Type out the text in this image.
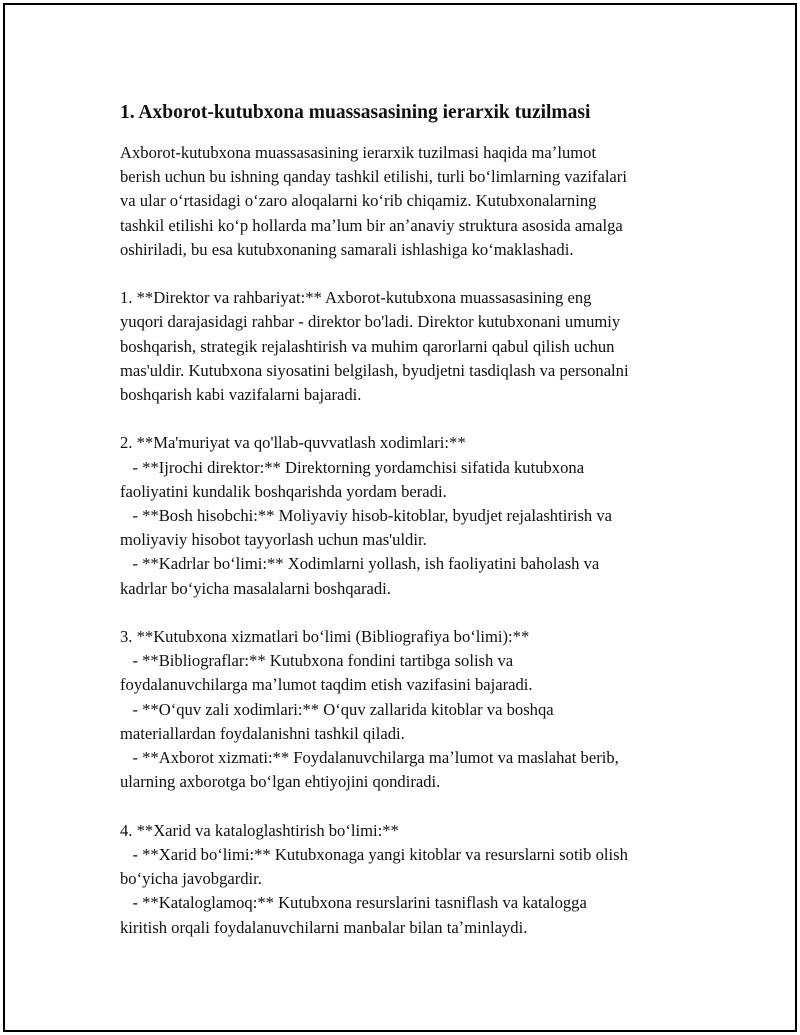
1. Axborot-kutubxona muassasasining ierarxik tuzilmasi

Axborot-kutubxona muassasasining ierarxik tuzilmasi haqida maʼlumot
berish uchun bu ishning qanday tashkil etilishi, turli boʻlimlarning vazifalari
va ular oʻrtasidagi oʻzaro aloqalarni koʻrib chiqamiz. Kutubxonalarning
tashkil etilishi koʻp hollarda maʼlum bir anʼanaviy struktura asosida amalga
oshiriladi, bu esa kutubxonaning samarali ishlashiga koʻmaklashadi.

1. **Direktor va rahbariyat:** Axborot-kutubxona muassasasining eng
yuqori darajasidagi rahbar - direktor bo'ladi. Direktor kutubxonani umumiy
boshqarish, strategik rejalashtirish va muhim qarorlarni qabul qilish uchun
mas'uldir. Kutubxona siyosatini belgilash, byudjetni tasdiqlash va personalni
boshqarish kabi vazifalarni bajaradi.

2. **Ma'muriyat va qo'llab-quvvatlash xodimlari:**
- **Ijrochi direktor:** Direktorning yordamchisi sifatida kutubxona
faoliyatini kundalik boshqarishda yordam beradi.
- **Bosh hisobchi:** Moliyaviy hisob-kitoblar, byudjet rejalashtirish va
moliyaviy hisobot tayyorlash uchun mas'uldir.
- **Kadrlar boʻlimi:** Xodimlarni yollash, ish faoliyatini baholash va
kadrlar boʻyicha masalalarni boshqaradi.

3. **Kutubxona xizmatlari boʻlimi (Bibliografiya boʻlimi):**
- **Bibliograflar:** Kutubxona fondini tartibga solish va
foydalanuvchilarga maʼlumot taqdim etish vazifasini bajaradi.
- **Oʻquv zali xodimlari:** Oʻquv zallarida kitoblar va boshqa
materiallardan foydalanishni tashkil qiladi.
- **Axborot xizmati:** Foydalanuvchilarga maʼlumot va maslahat berib,
ularning axborotga boʻlgan ehtiyojini qondiradi.

4. **Xarid va kataloglashtirish boʻlimi:**
- **Xarid boʻlimi:** Kutubxonaga yangi kitoblar va resurslarni sotib olish
boʻyicha javobgardir.
- **Kataloglamoq:** Kutubxona resurslarini tasniflash va katalogga
kiritish orqali foydalanuvchilarni manbalar bilan taʼminlaydi.
